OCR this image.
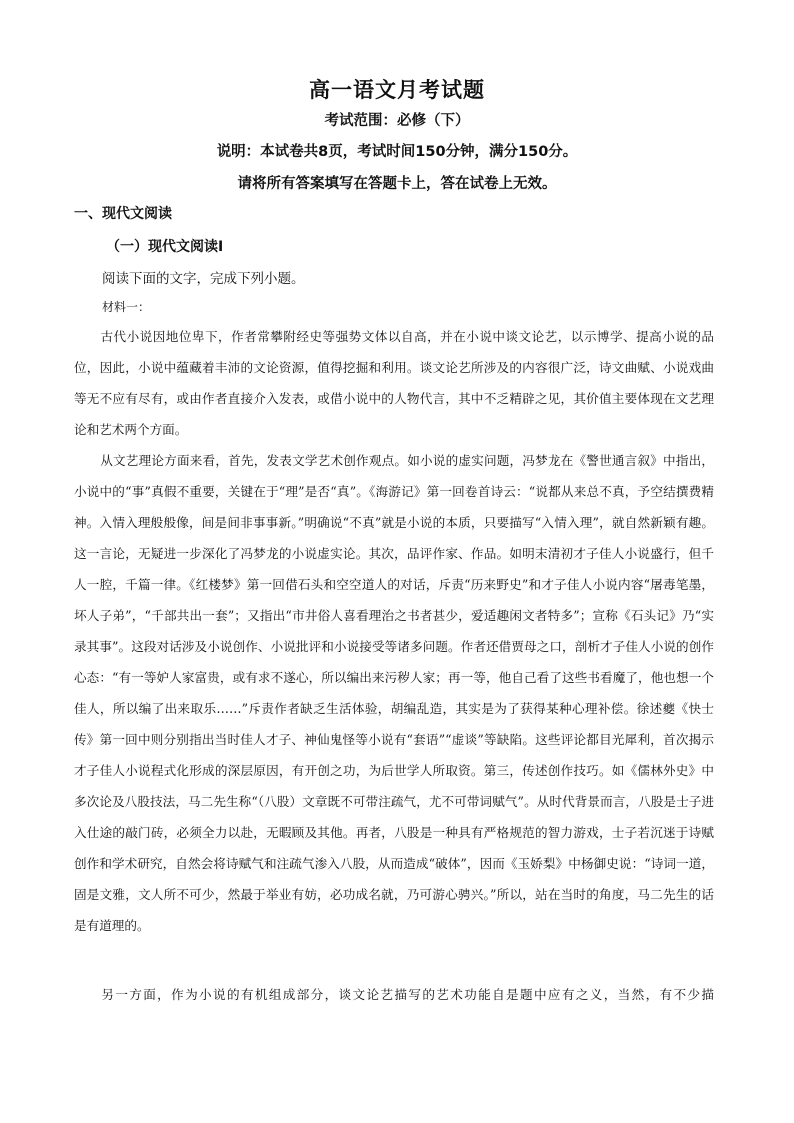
高一语文月考试题
考试范围：必修（下）
说明：本试卷共8页，考试时间150分钟，满分150分。
请将所有答案填写在答题卡上，答在试卷上无效。
一、现代文阅读
（一）现代文阅读Ⅰ
阅读下面的文字，完成下列小题。
材料一：

古代小说因地位卑下，作者常攀附经史等强势文体以自高，并在小说中谈文论艺，以示博学、提高小说的品位，因此，小说中蕴藏着丰沛的文论资源，值得挖掘和利用。谈文论艺所涉及的内容很广泛，诗文曲赋、小说戏曲等无不应有尽有，或由作者直接介入发表，或借小说中的人物代言，其中不乏精辟之见，其价值主要体现在文艺理论和艺术两个方面。

从文艺理论方面来看，首先，发表文学艺术创作观点。如小说的虚实问题，冯梦龙在《警世通言叙》中指出，小说中的“事”真假不重要，关键在于“理”是否“真”。《海游记》第一回卷首诗云：“说都从来总不真，予空结撰费精神。入情入理般般像，间是间非事事新。”明确说“不真”就是小说的本质，只要描写“入情入理”，就自然新颖有趣。这一言论，无疑进一步深化了冯梦龙的小说虚实论。其次，品评作家、作品。如明末清初才子佳人小说盛行，但千人一腔，千篇一律。《红楼梦》第一回借石头和空空道人的对话，斥责“历来野史”和才子佳人小说内容“屠毒笔墨，坏人子弟”，“千部共出一套”；又指出“市井俗人喜看理治之书者甚少，爱适趣闲文者特多”；宣称《石头记》乃“实录其事”。这段对话涉及小说创作、小说批评和小说接受等诸多问题。作者还借贾母之口，剖析才子佳人小说的创作心态：“有一等妒人家富贵，或有求不遂心，所以编出来污秽人家；再一等，他自己看了这些书看魔了，他也想一个佳人，所以编了出来取乐……”斥责作者缺乏生活体验，胡编乱造，其实是为了获得某种心理补偿。徐述夔《快士传》第一回中则分别指出当时佳人才子、神仙鬼怪等小说有“套语”“虚谈”等缺陷。这些评论都目光犀利，首次揭示才子佳人小说程式化形成的深层原因，有开创之功，为后世学人所取资。第三，传述创作技巧。如《儒林外史》中多次论及八股技法，马二先生称“（八股）文章既不可带注疏气，尤不可带词赋气”。从时代背景而言，八股是士子进入仕途的敲门砖，必须全力以赴，无暇顾及其他。再者，八股是一种具有严格规范的智力游戏，士子若沉迷于诗赋创作和学术研究，自然会将诗赋气和注疏气渗入八股，从而造成“破体”，因而《玉娇梨》中杨御史说：“诗词一道，固是文雅，文人所不可少，然最于举业有妨，必功成名就，乃可游心骋兴。”所以，站在当时的角度，马二先生的话是有道理的。

另一方面，作为小说的有机组成部分，谈文论艺描写的艺术功能自是题中应有之义，当然，有不少描
